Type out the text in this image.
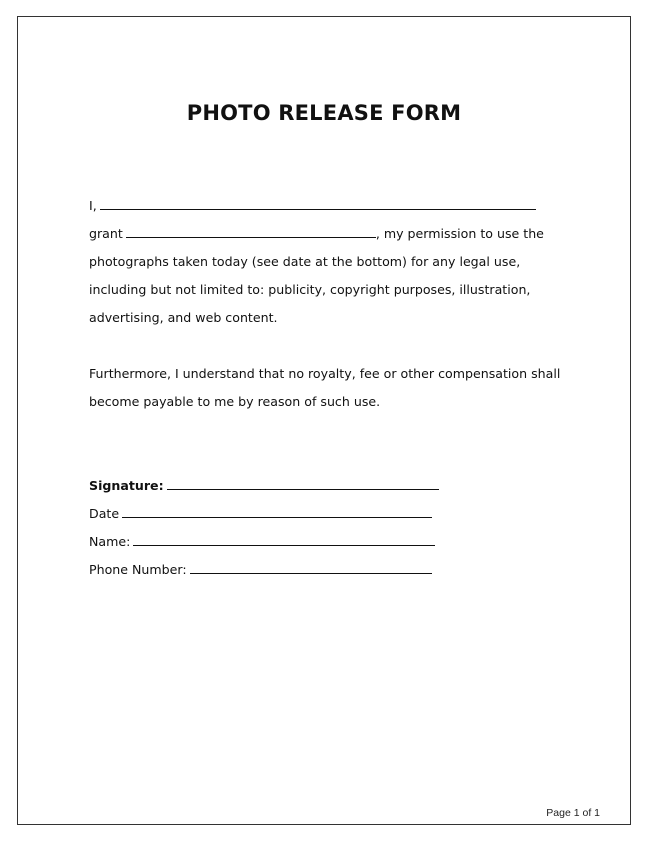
PHOTO RELEASE FORM
I,
grant	, my permission to use the
photographs taken today (see date at the bottom) for any legal use,
including but not limited to: publicity, copyright purposes, illustration,
advertising, and web content.
Furthermore, I understand that no royalty, fee or other compensation shall
become payable to me by reason of such use.
Signature:
Date
Name:
Phone Number:
Page 1 of 1
